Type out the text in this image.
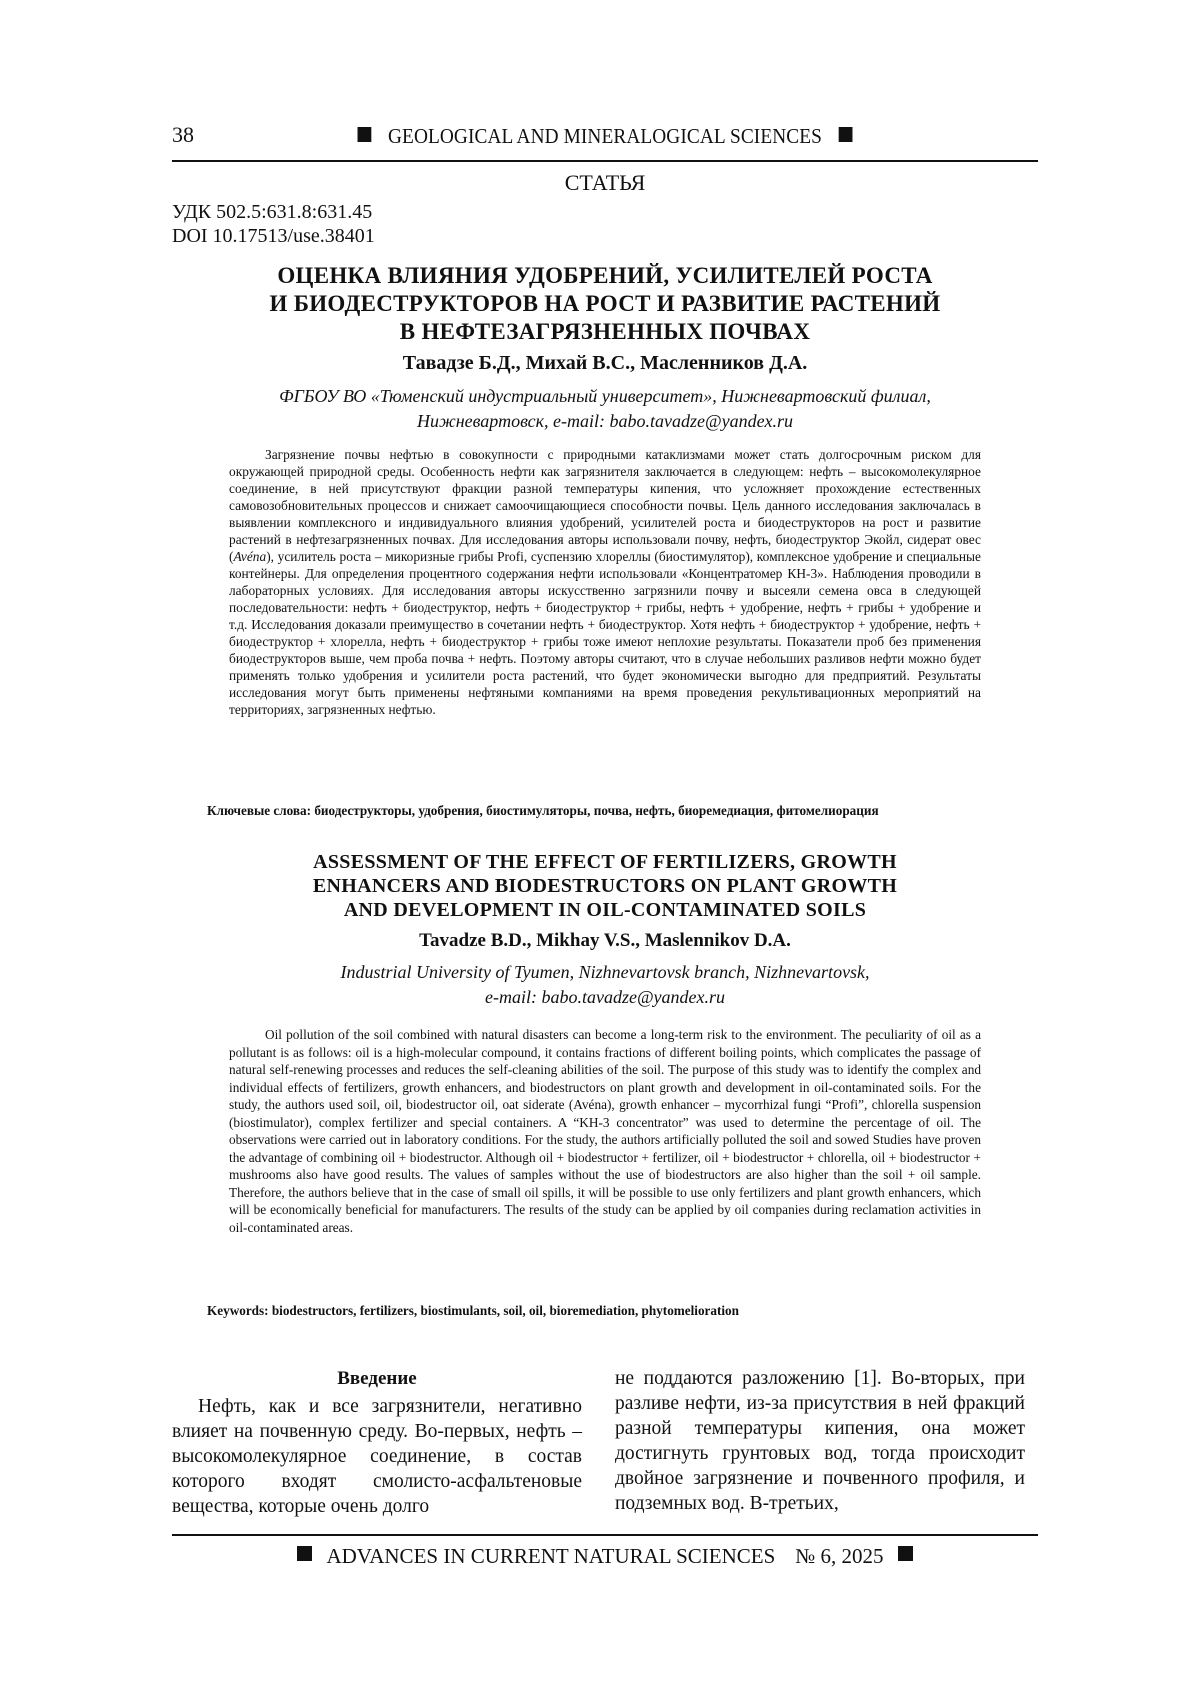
38	GEOLOGICAL AND MINERALOGICAL SCIENCES
СТАТЬЯ
УДК 502.5:631.8:631.45
DOI 10.17513/use.38401
ОЦЕНКА ВЛИЯНИЯ УДОБРЕНИЙ, УСИЛИТЕЛЕЙ РОСТА
И БИОДЕСТРУКТОРОВ НА РОСТ И РАЗВИТИЕ РАСТЕНИЙ
В НЕФТЕЗАГРЯЗНЕННЫХ ПОЧВАХ
Тавадзе Б.Д., Михай В.С., Масленников Д.А.
ФГБОУ ВО «Тюменский индустриальный университет», Нижневартовский филиал,
Нижневартовск, e-mail: babo.tavadze@yandex.ru
Загрязнение почвы нефтью в совокупности с природными катаклизмами может стать долгосрочным риском для окружающей природной среды. Особенность нефти как загрязнителя заключается в следующем: нефть – высокомолекулярное соединение, в ней присутствуют фракции разной температуры кипения, что усложняет прохождение естественных самовозобновительных процессов и снижает самоочищающиеся способности почвы. Цель данного исследования заключалась в выявлении комплексного и индивидуального влияния удобрений, усилителей роста и биодеструкторов на рост и развитие растений в нефтезагрязненных почвах. Для исследования авторы использовали почву, нефть, биодеструктор Экойл, сидерат овес (Avéna), усилитель роста – микоризные грибы Profi, суспензию хлореллы (биостимулятор), комплексное удобрение и специальные контейнеры. Для определения процентного содержания нефти использовали «Концентратомер КН-3». Наблюдения проводили в лабораторных условиях. Для исследования авторы искусственно загрязнили почву и высеяли семена овса в следующей последовательности: нефть + биодеструктор, нефть + биодеструктор + грибы, нефть + удобрение, нефть + грибы + удобрение и т.д. Исследования доказали преимущество в сочетании нефть + биодеструктор. Хотя нефть + биодеструктор + удобрение, нефть + биодеструктор + хлорелла, нефть + биодеструктор + грибы тоже имеют неплохие результаты. Показатели проб без применения биодеструкторов выше, чем проба почва + нефть. Поэтому авторы считают, что в случае небольших разливов нефти можно будет применять только удобрения и усилители роста растений, что будет экономически выгодно для предприятий. Результаты исследования могут быть применены нефтяными компаниями на время проведения рекультивационных мероприятий на территориях, загрязненных нефтью.
Ключевые слова: биодеструкторы, удобрения, биостимуляторы, почва, нефть, биоремедиация, фитомелиорация
ASSESSMENT OF THE EFFECT OF FERTILIZERS, GROWTH
ENHANCERS AND BIODESTRUCTORS ON PLANT GROWTH
AND DEVELOPMENT IN OIL-CONTAMINATED SOILS
Tavadze B.D., Mikhay V.S., Maslennikov D.A.
Industrial University of Tyumen, Nizhnevartovsk branch, Nizhnevartovsk,
e-mail: babo.tavadze@yandex.ru
Oil pollution of the soil combined with natural disasters can become a long-term risk to the environment. The peculiarity of oil as a pollutant is as follows: oil is a high-molecular compound, it contains fractions of different boiling points, which complicates the passage of natural self-renewing processes and reduces the self-cleaning abilities of the soil. The purpose of this study was to identify the complex and individual effects of fertilizers, growth enhancers, and biodestructors on plant growth and development in oil-contaminated soils. For the study, the authors used soil, oil, biodestructor oil, oat siderate (Avéna), growth enhancer – mycorrhizal fungi “Profi”, chlorella suspension (biostimulator), complex fertilizer and special containers. A “KH-3 concentrator” was used to determine the percentage of oil. The observations were carried out in laboratory conditions. For the study, the authors artificially polluted the soil and sowed Studies have proven the advantage of combining oil + biodestructor. Although oil + biodestructor + fertilizer, oil + biodestructor + chlorella, oil + biodestructor + mushrooms also have good results. The values of samples without the use of biodestructors are also higher than the soil + oil sample. Therefore, the authors believe that in the case of small oil spills, it will be possible to use only fertilizers and plant growth enhancers, which will be economically beneficial for manufacturers. The results of the study can be applied by oil companies during reclamation activities in oil-contaminated areas.
Keywords: biodestructors, fertilizers, biostimulants, soil, oil, bioremediation, phytomelioration
Введение

Нефть, как и все загрязнители, негативно влияет на почвенную среду. Во-первых, нефть – высокомолекулярное соединение, в состав которого входят смолисто-асфальтеновые вещества, которые очень долго

не поддаются разложению [1]. Во-вторых, при разливе нефти, из-за присутствия в ней фракций разной температуры кипения, она может достигнуть грунтовых вод, тогда происходит двойное загрязнение и почвенного профиля, и подземных вод. В-третьих,

ADVANCES IN CURRENT NATURAL SCIENCES № 6, 2025
